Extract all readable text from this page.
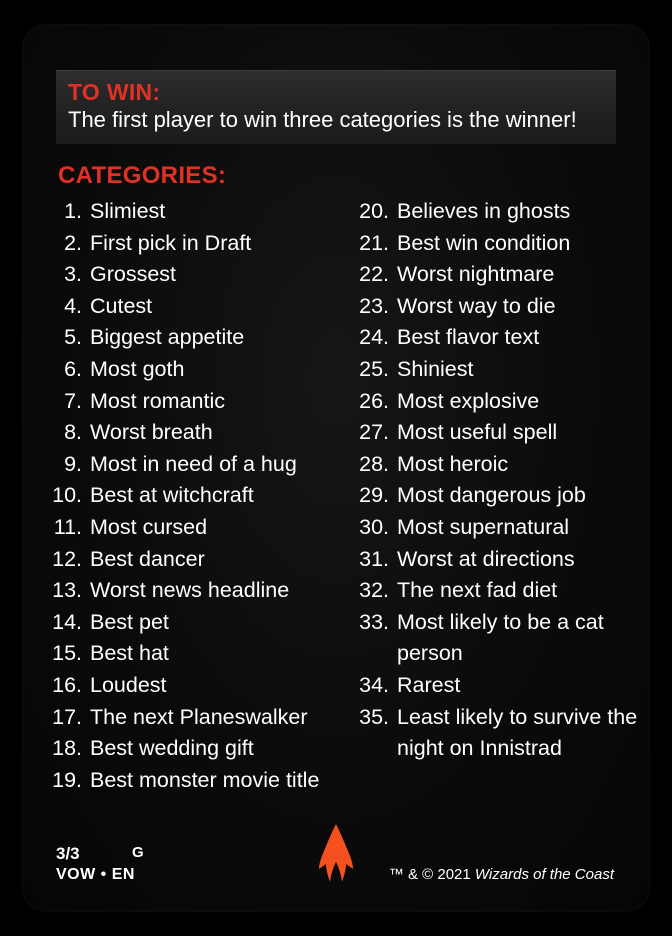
TO WIN:
The first player to win three categories is the winner!
CATEGORIES:
1. Slimiest
2. First pick in Draft
3. Grossest
4. Cutest
5. Biggest appetite
6. Most goth
7. Most romantic
8. Worst breath
9. Most in need of a hug
10. Best at witchcraft
11. Most cursed
12. Best dancer
13. Worst news headline
14. Best pet
15. Best hat
16. Loudest
17. The next Planeswalker
18. Best wedding gift
19. Best monster movie title
20. Believes in ghosts
21. Best win condition
22. Worst nightmare
23. Worst way to die
24. Best flavor text
25. Shiniest
26. Most explosive
27. Most useful spell
28. Most heroic
29. Most dangerous job
30. Most supernatural
31. Worst at directions
32. The next fad diet
33. Most likely to be a cat person
34. Rarest
35. Least likely to survive the night on Innistrad
3/3	G
VOW • EN	™ & © 2021 Wizards of the Coast
